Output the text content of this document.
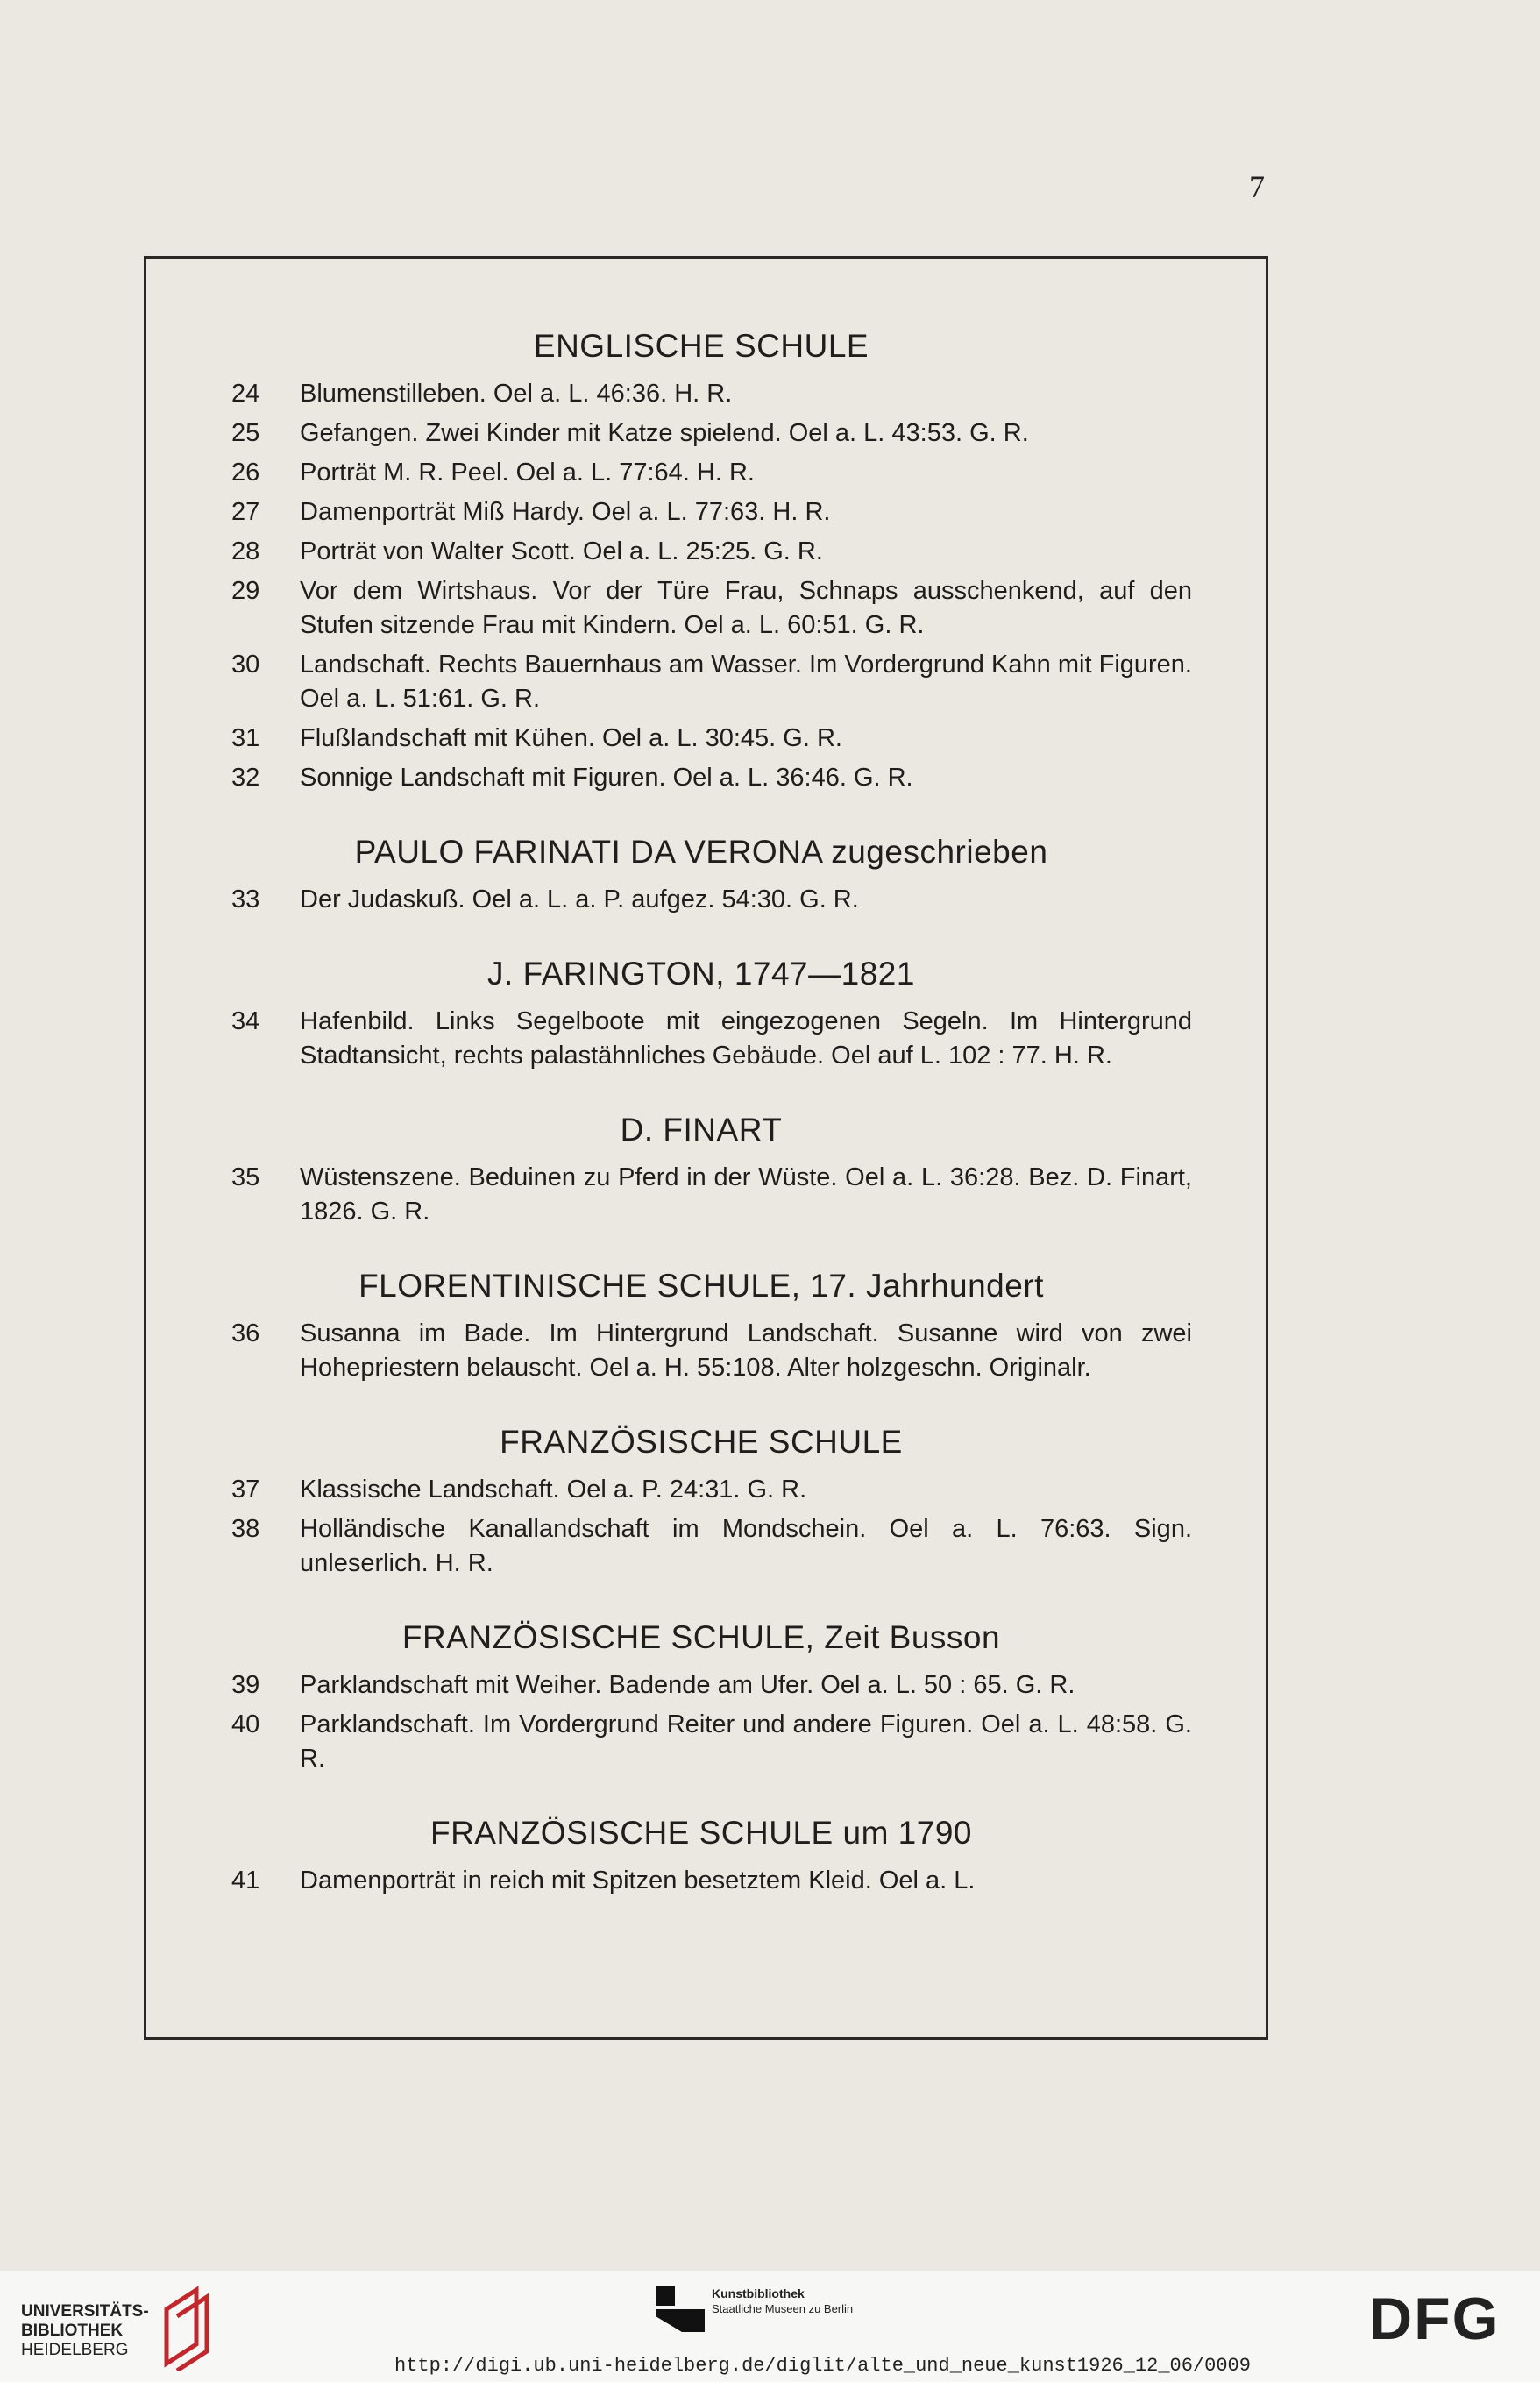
7
ENGLISCHE SCHULE
24	Blumenstilleben. Oel a. L. 46:36. H. R.
25	Gefangen. Zwei Kinder mit Katze spielend. Oel a. L. 43:53. G. R.
26	Porträt M. R. Peel. Oel a. L. 77:64. H. R.
27	Damenporträt Miß Hardy. Oel a. L. 77:63. H. R.
28	Porträt von Walter Scott. Oel a. L. 25:25. G. R.
29	Vor dem Wirtshaus. Vor der Türe Frau, Schnaps ausschenkend, auf den Stufen sitzende Frau mit Kindern. Oel a. L. 60:51. G. R.
30	Landschaft. Rechts Bauernhaus am Wasser. Im Vordergrund Kahn mit Figuren. Oel a. L. 51:61. G. R.
31	Flußlandschaft mit Kühen. Oel a. L. 30:45. G. R.
32	Sonnige Landschaft mit Figuren. Oel a. L. 36:46. G. R.
PAULO FARINATI DA VERONA zugeschrieben
33	Der Judaskuß. Oel a. L. a. P. aufgez. 54:30. G. R.
J. FARINGTON, 1747—1821
34	Hafenbild. Links Segelboote mit eingezogenen Segeln. Im Hintergrund Stadtansicht, rechts palastähnliches Gebäude. Oel auf L. 102 : 77. H. R.
D. FINART
35	Wüstenszene. Beduinen zu Pferd in der Wüste. Oel a. L. 36:28. Bez. D. Finart, 1826. G. R.
FLORENTINISCHE SCHULE, 17. Jahrhundert
36	Susanna im Bade. Im Hintergrund Landschaft. Susanne wird von zwei Hohepriestern belauscht. Oel a. H. 55:108. Alter holzgeschn. Originalr.
FRANZÖSISCHE SCHULE
37	Klassische Landschaft. Oel a. P. 24:31. G. R.
38	Holländische Kanallandschaft im Mondschein. Oel a. L. 76:63. Sign. unleserlich. H. R.
FRANZÖSISCHE SCHULE, Zeit Busson
39	Parklandschaft mit Weiher. Badende am Ufer. Oel a. L. 50 : 65. G. R.
40	Parklandschaft. Im Vordergrund Reiter und andere Figuren. Oel a. L. 48:58. G. R.
FRANZÖSISCHE SCHULE um 1790
41	Damenporträt in reich mit Spitzen besetztem Kleid. Oel a. L.
UNIVERSITÄTS-
BIBLIOTHEK
HEIDELBERG
Kunstbibliothek
Staatliche Museen zu Berlin	DFG
http://digi.ub.uni-heidelberg.de/diglit/alte_und_neue_kunst1926_12_06/0009
